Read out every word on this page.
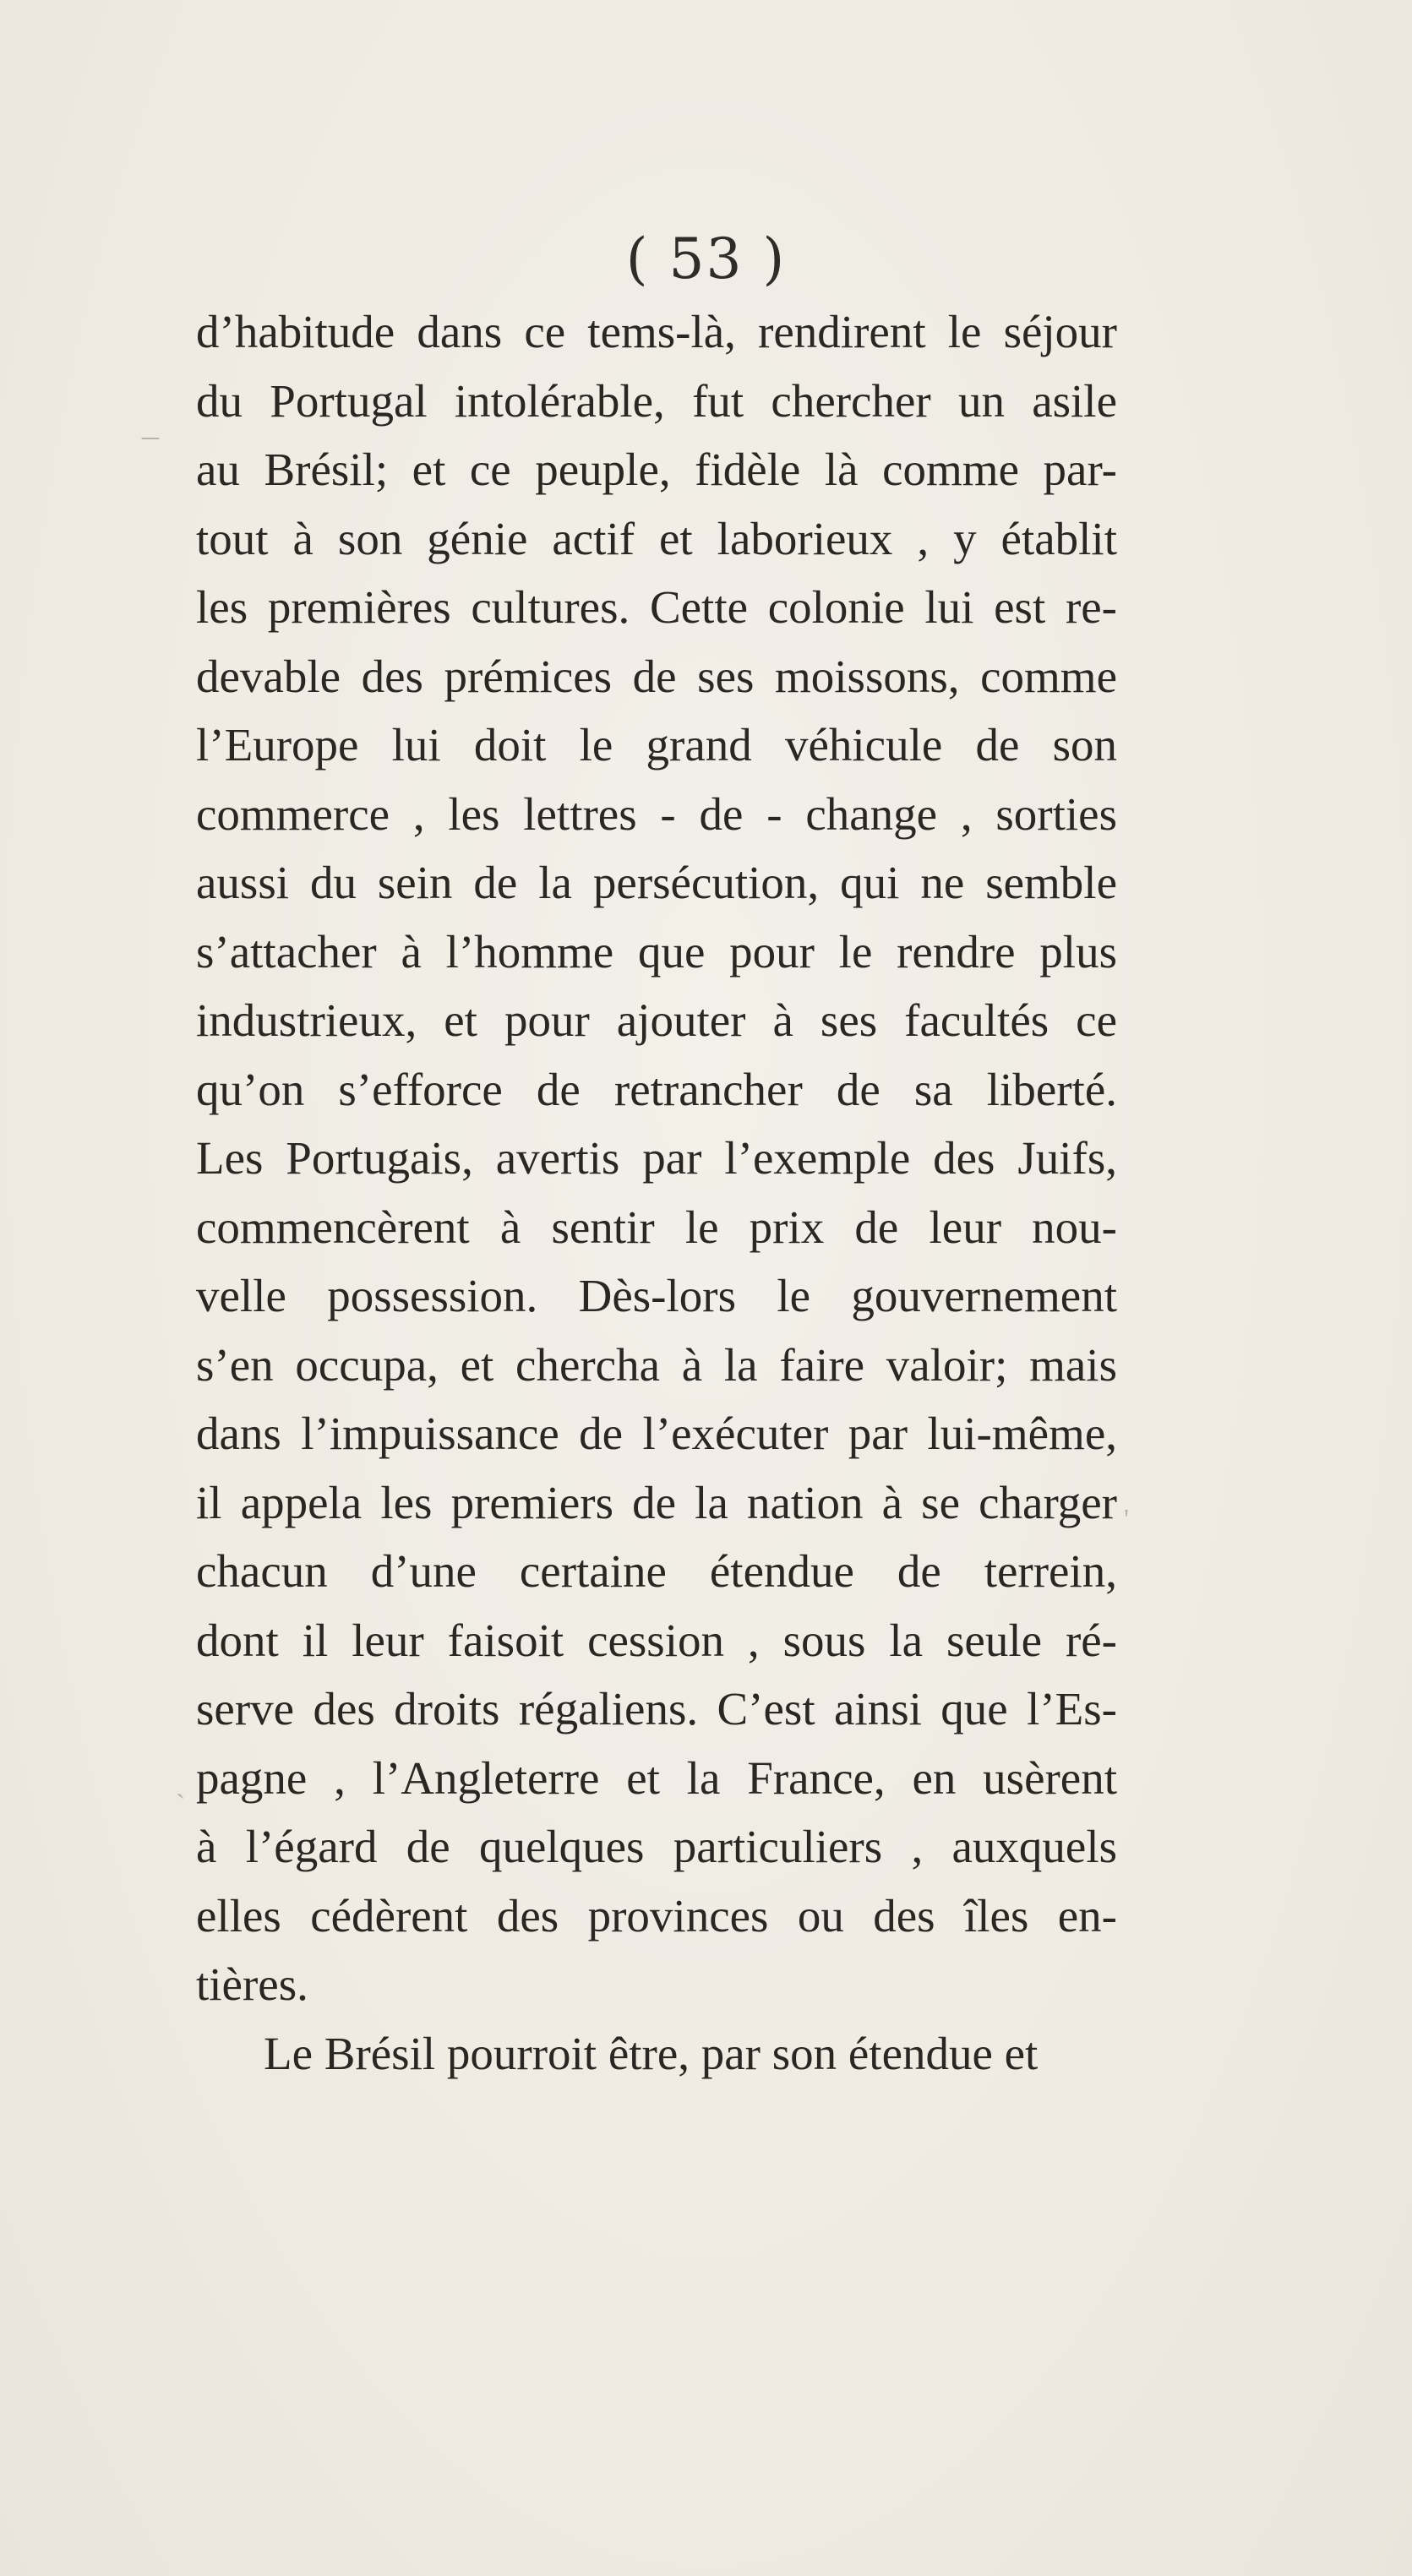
( 53 )
d’habitude dans ce tems-là, rendirent le séjour
du Portugal intolérable, fut chercher un asile
au Brésil; et ce peuple, fidèle là comme par-
tout à son génie actif et laborieux , y établit
les premières cultures. Cette colonie lui est re-
devable des prémices de ses moissons, comme
l’Europe lui doit le grand véhicule de son
commerce , les lettres - de - change , sorties
aussi du sein de la persécution, qui ne semble
s’attacher à l’homme que pour le rendre plus
industrieux, et pour ajouter à ses facultés ce
qu’on s’efforce de retrancher de sa liberté.
Les Portugais, avertis par l’exemple des Juifs,
commencèrent à sentir le prix de leur nou-
velle possession. Dès-lors le gouvernement
s’en occupa, et chercha à la faire valoir; mais
dans l’impuissance de l’exécuter par lui-même,
il appela les premiers de la nation à se charger
chacun d’une certaine étendue de terrein,
dont il leur faisoit cession , sous la seule ré-
serve des droits régaliens. C’est ainsi que l’Es-
pagne , l’Angleterre et la France, en usèrent
à l’égard de quelques particuliers , auxquels
elles cédèrent des provinces ou des îles en-
tières.
Le Brésil pourroit être, par son étendue et
_
'
`
